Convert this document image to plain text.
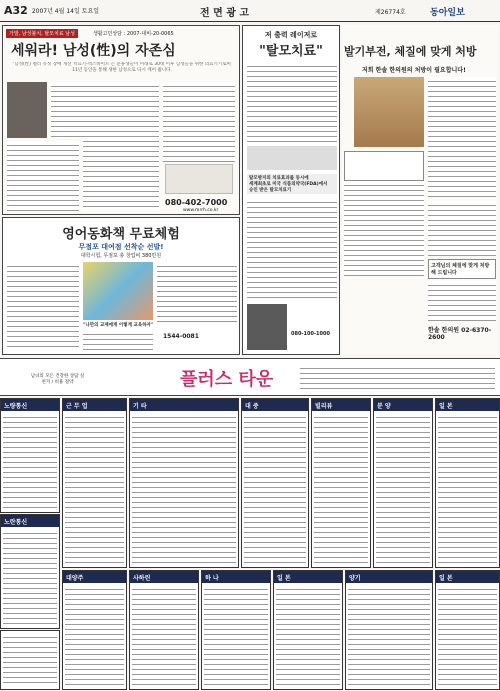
A32 2007년 4월 14일 토요일	전 면 광 고	제26774호	동아일보
가발, 남성불치, 탈모치료 남성	생활고민상담 : 2007-대비-20-0065
세워라! 남성(性)의 자존심
'남성(性) 펠러 유성 장애 개선 치료기-엑스바이르 는 분류생들이 미래로 30대 이후 남성들을 위한 의료기기로써 11년 동안을 통해 생한 남성으로 다시 깨어 줍니다.
080-402-7000
www.mrrh.co.kr
저 출력 레이저로
"탈모치료"
탈모방지의 치료효과를 동시에
세계최초로 미국 식품의약국(FDA)에서
승인 받은 탈모치료기
080-100-1000
발기부전, 체질에 맞게 처방
저희 한솔 한의원의 처방이 필요합니다!
고객님의 체질에 맞게 처방해 드립니다
한솔 한의원 02-6370-2600
영어동화책 무료체험
무점포 대여점 선착순 선발!
대학시험, 무점포 총 창업비 380만원
"나만의 교재에게 이렇게 교육하자"
1544-0081
남녀의 모든 건강한 상담 실천지 / 비용 절약	플러스 타운
노량통신
노란통신
근 무 업	기 타	대 중	빌리뷰	분 양	일 본
대양주	사하린	하 나	일 본	양기	일 본
